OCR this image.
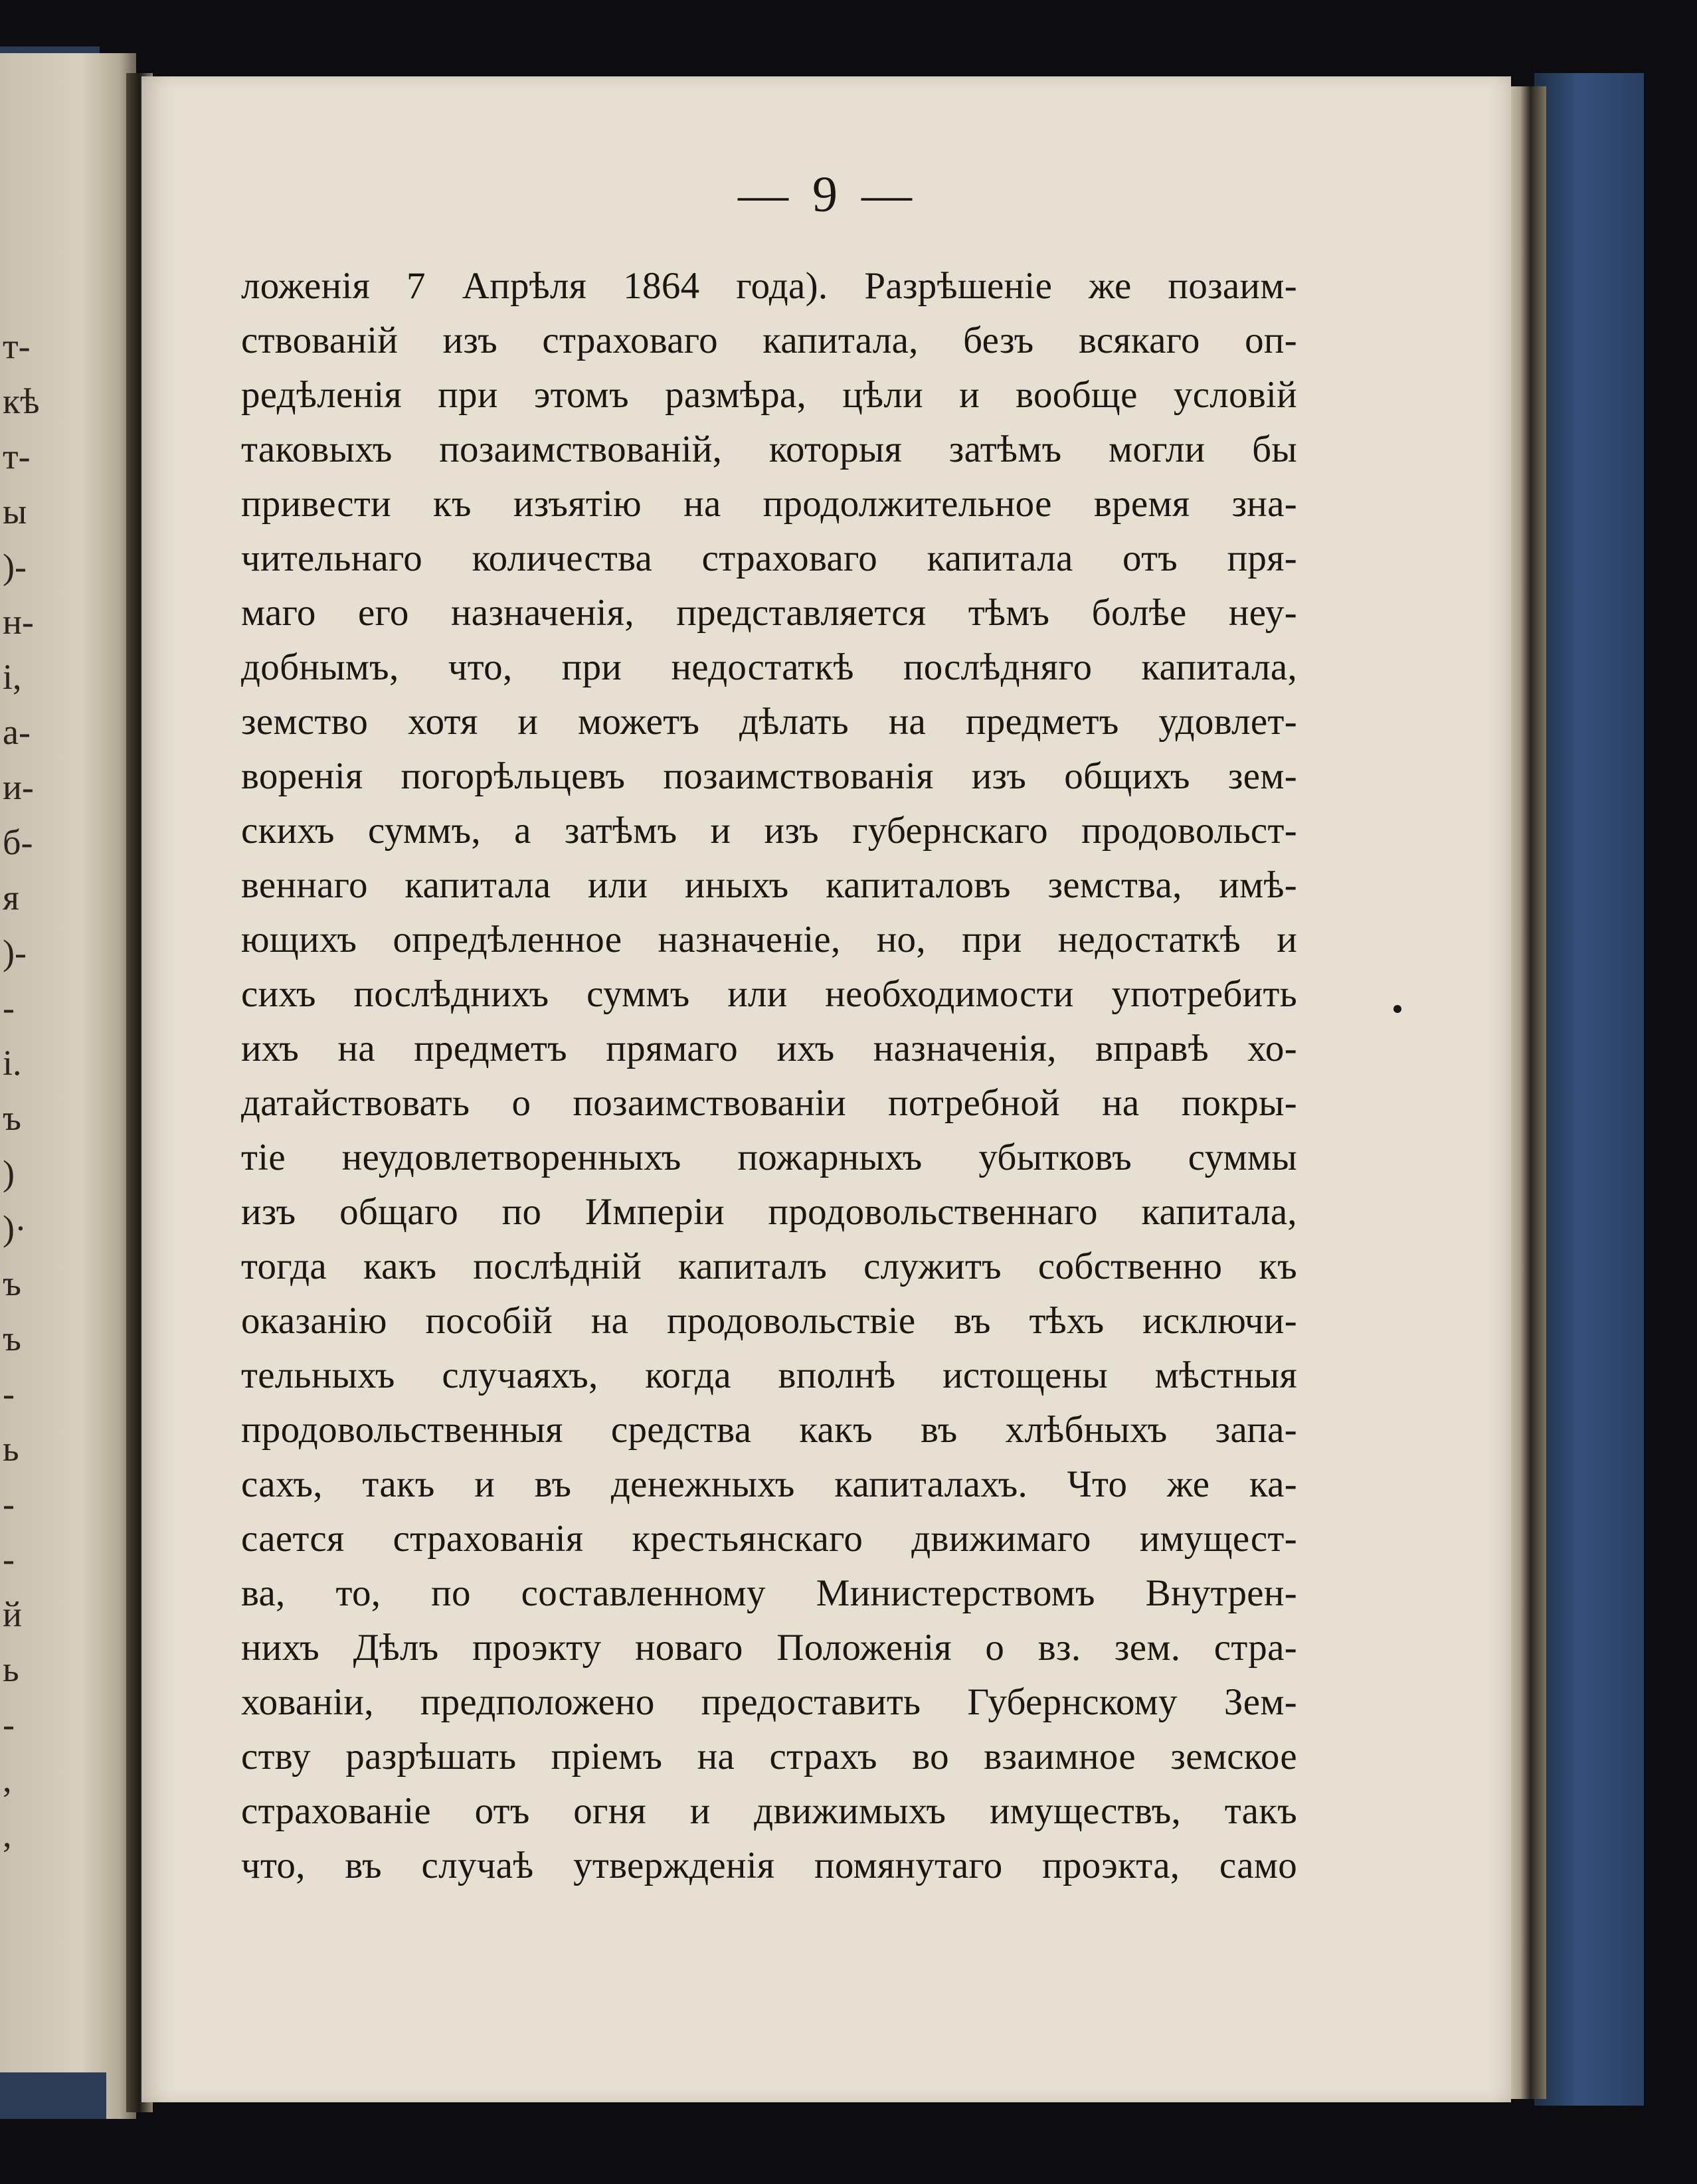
т-
кѣ
т-
ы
)-
н-
і,
а-
и-
б-
я
)-
-
і.
ъ
)
)·
ъ
ъ
-
ь
-
-
й
ь
-
,
,
— 9 —
ложенія 7 Апрѣля 1864 года). Разрѣшеніе же позаим-
ствованій изъ страховаго капитала, безъ всякаго оп-
редѣленія при этомъ размѣра, цѣли и вообще условій
таковыхъ позаимствованій, которыя затѣмъ могли бы
привести къ изъятію на продолжительное время зна-
чительнаго количества страховаго капитала отъ пря-
маго его назначенія, представляется тѣмъ болѣе неу-
добнымъ, что, при недостаткѣ послѣдняго капитала,
земство хотя и можетъ дѣлать на предметъ удовлет-
воренія погорѣльцевъ позаимствованія изъ общихъ зем-
скихъ суммъ, а затѣмъ и изъ губернскаго продовольст-
веннаго капитала или иныхъ капиталовъ земства, имѣ-
ющихъ опредѣленное назначеніе, но, при недостаткѣ и
сихъ послѣднихъ суммъ или необходимости употребить
ихъ на предметъ прямаго ихъ назначенія, вправѣ хо-
датайствовать о позаимствованіи потребной на покры-
тіе неудовлетворенныхъ пожарныхъ убытковъ суммы
изъ общаго по Имперіи продовольственнаго капитала,
тогда какъ послѣдній капиталъ служитъ собственно къ
оказанію пособій на продовольствіе въ тѣхъ исключи-
тельныхъ случаяхъ, когда вполнѣ истощены мѣстныя
продовольственныя средства какъ въ хлѣбныхъ запа-
сахъ, такъ и въ денежныхъ капиталахъ. Что же ка-
сается страхованія крестьянскаго движимаго имущест-
ва, то, по составленному Министерствомъ Внутрен-
нихъ Дѣлъ проэкту новаго Положенія о вз. зем. стра-
хованіи, предположено предоставить Губернскому Зем-
ству разрѣшать пріемъ на страхъ во взаимное земское
страхованіе отъ огня и движимыхъ имуществъ, такъ
что, въ случаѣ утвержденія помянутаго проэкта, само
